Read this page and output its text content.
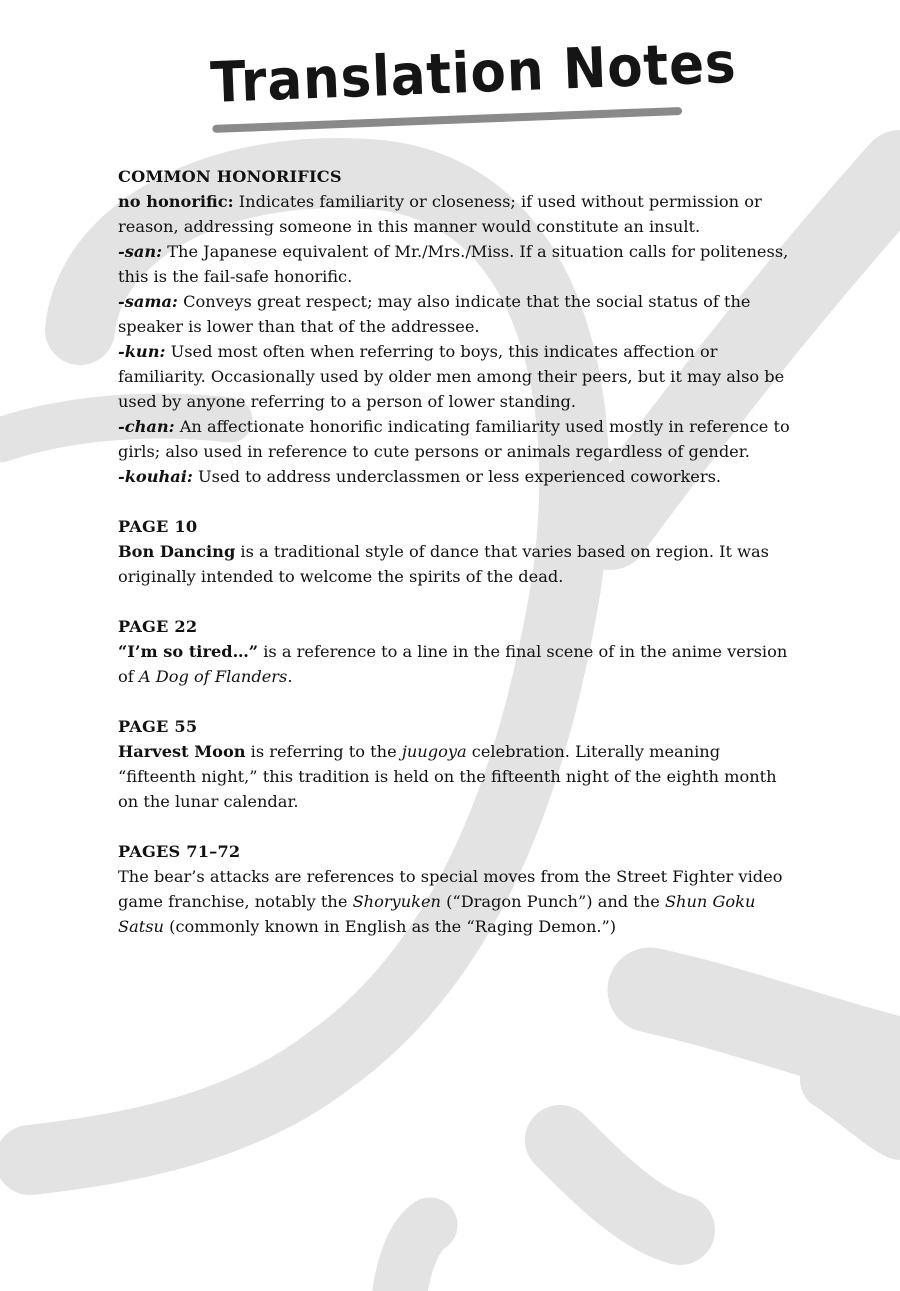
Translation Notes

COMMON HONORIFICS

no honorific: Indicates familiarity or closeness; if used without permission or reason, addressing someone in this manner would constitute an insult.

-san: The Japanese equivalent of Mr./Mrs./Miss. If a situation calls for politeness, this is the fail-safe honorific.

-sama: Conveys great respect; may also indicate that the social status of the speaker is lower than that of the addressee.

-kun: Used most often when referring to boys, this indicates affection or familiarity. Occasionally used by older men among their peers, but it may also be used by anyone referring to a person of lower standing.

-chan: An affectionate honorific indicating familiarity used mostly in reference to girls; also used in reference to cute persons or animals regardless of gender.

-kouhai: Used to address underclassmen or less experienced coworkers.

PAGE 10

Bon Dancing is a traditional style of dance that varies based on region. It was originally intended to welcome the spirits of the dead.

PAGE 22

“I’m so tired…” is a reference to a line in the final scene of in the anime version of A Dog of Flanders.

PAGE 55

Harvest Moon is referring to the juugoya celebration. Literally meaning “fifteenth night,” this tradition is held on the fifteenth night of the eighth month on the lunar calendar.

PAGES 71–72

The bear’s attacks are references to special moves from the Street Fighter video game franchise, notably the Shoryuken (“Dragon Punch”) and the Shun Goku Satsu (commonly known in English as the “Raging Demon.”)
